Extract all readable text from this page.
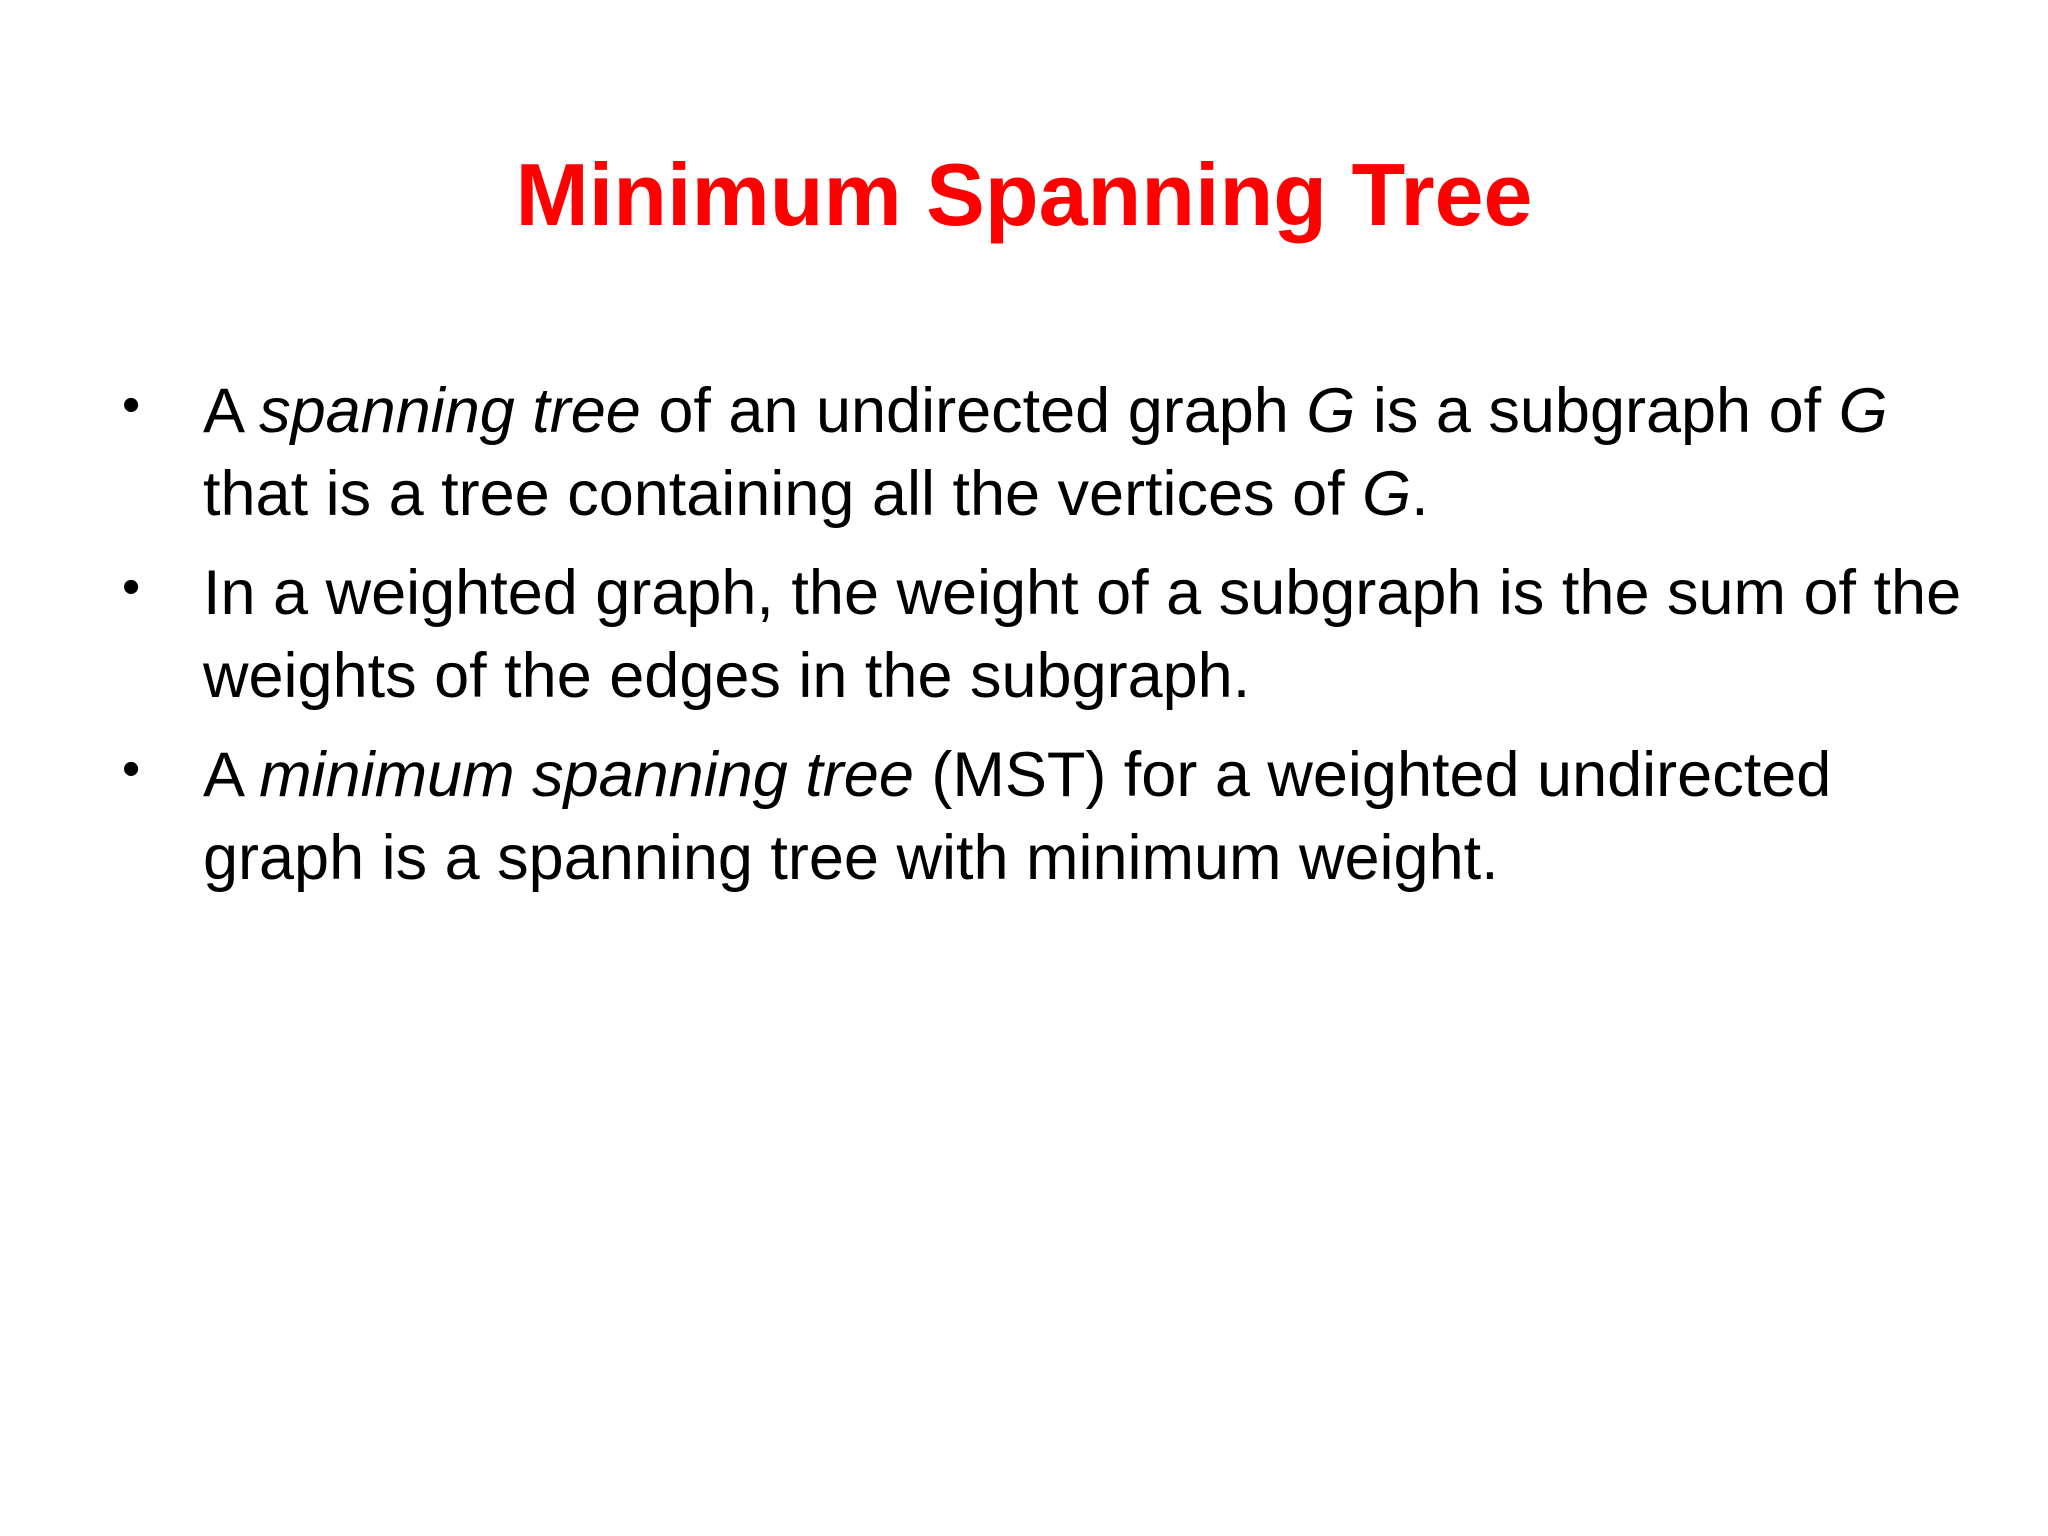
Minimum Spanning Tree
• A spanning tree of an undirected graph G is a subgraph of G that is a tree containing all the vertices of G.
• In a weighted graph, the weight of a subgraph is the sum of the weights of the edges in the subgraph.
• A minimum spanning tree (MST) for a weighted undirected graph is a spanning tree with minimum weight.
